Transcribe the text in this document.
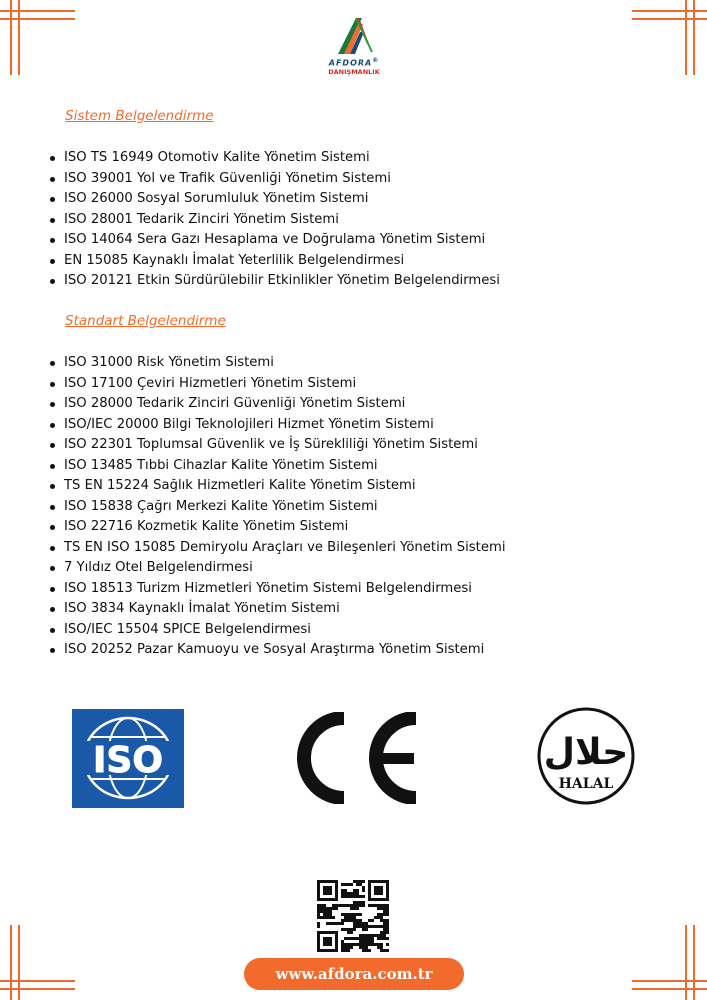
AFDORA®
DANIŞMANLIK
Sistem Belgelendirme
ISO TS 16949 Otomotiv Kalite Yönetim Sistemi
ISO 39001 Yol ve Trafik Güvenliği Yönetim Sistemi
ISO 26000 Sosyal Sorumluluk Yönetim Sistemi
ISO 28001 Tedarik Zinciri Yönetim Sistemi
ISO 14064 Sera Gazı Hesaplama ve Doğrulama Yönetim Sistemi
EN 15085 Kaynaklı İmalat Yeterlilik Belgelendirmesi
ISO 20121 Etkin Sürdürülebilir Etkinlikler Yönetim Belgelendirmesi
Standart Belgelendirme
ISO 31000 Risk Yönetim Sistemi
ISO 17100 Çeviri Hizmetleri Yönetim Sistemi
ISO 28000 Tedarik Zinciri Güvenliği Yönetim Sistemi
ISO/IEC 20000 Bilgi Teknolojileri Hizmet Yönetim Sistemi
ISO 22301 Toplumsal Güvenlik ve İş Sürekliliği Yönetim Sistemi
ISO 13485 Tıbbi Cihazlar Kalite Yönetim Sistemi
TS EN 15224 Sağlık Hizmetleri Kalite Yönetim Sistemi
ISO 15838 Çağrı Merkezi Kalite Yönetim Sistemi
ISO 22716 Kozmetik Kalite Yönetim Sistemi
TS EN ISO 15085 Demiryolu Araçları ve Bileşenleri Yönetim Sistemi
7 Yıldız Otel Belgelendirmesi
ISO 18513 Turizm Hizmetleri Yönetim Sistemi Belgelendirmesi
ISO 3834 Kaynaklı İmalat Yönetim Sistemi
ISO/IEC 15504 SPICE Belgelendirmesi
ISO 20252 Pazar Kamuoyu ve Sosyal Araştırma Yönetim Sistemi
ISO	حلال
HALAL
www.afdora.com.tr
